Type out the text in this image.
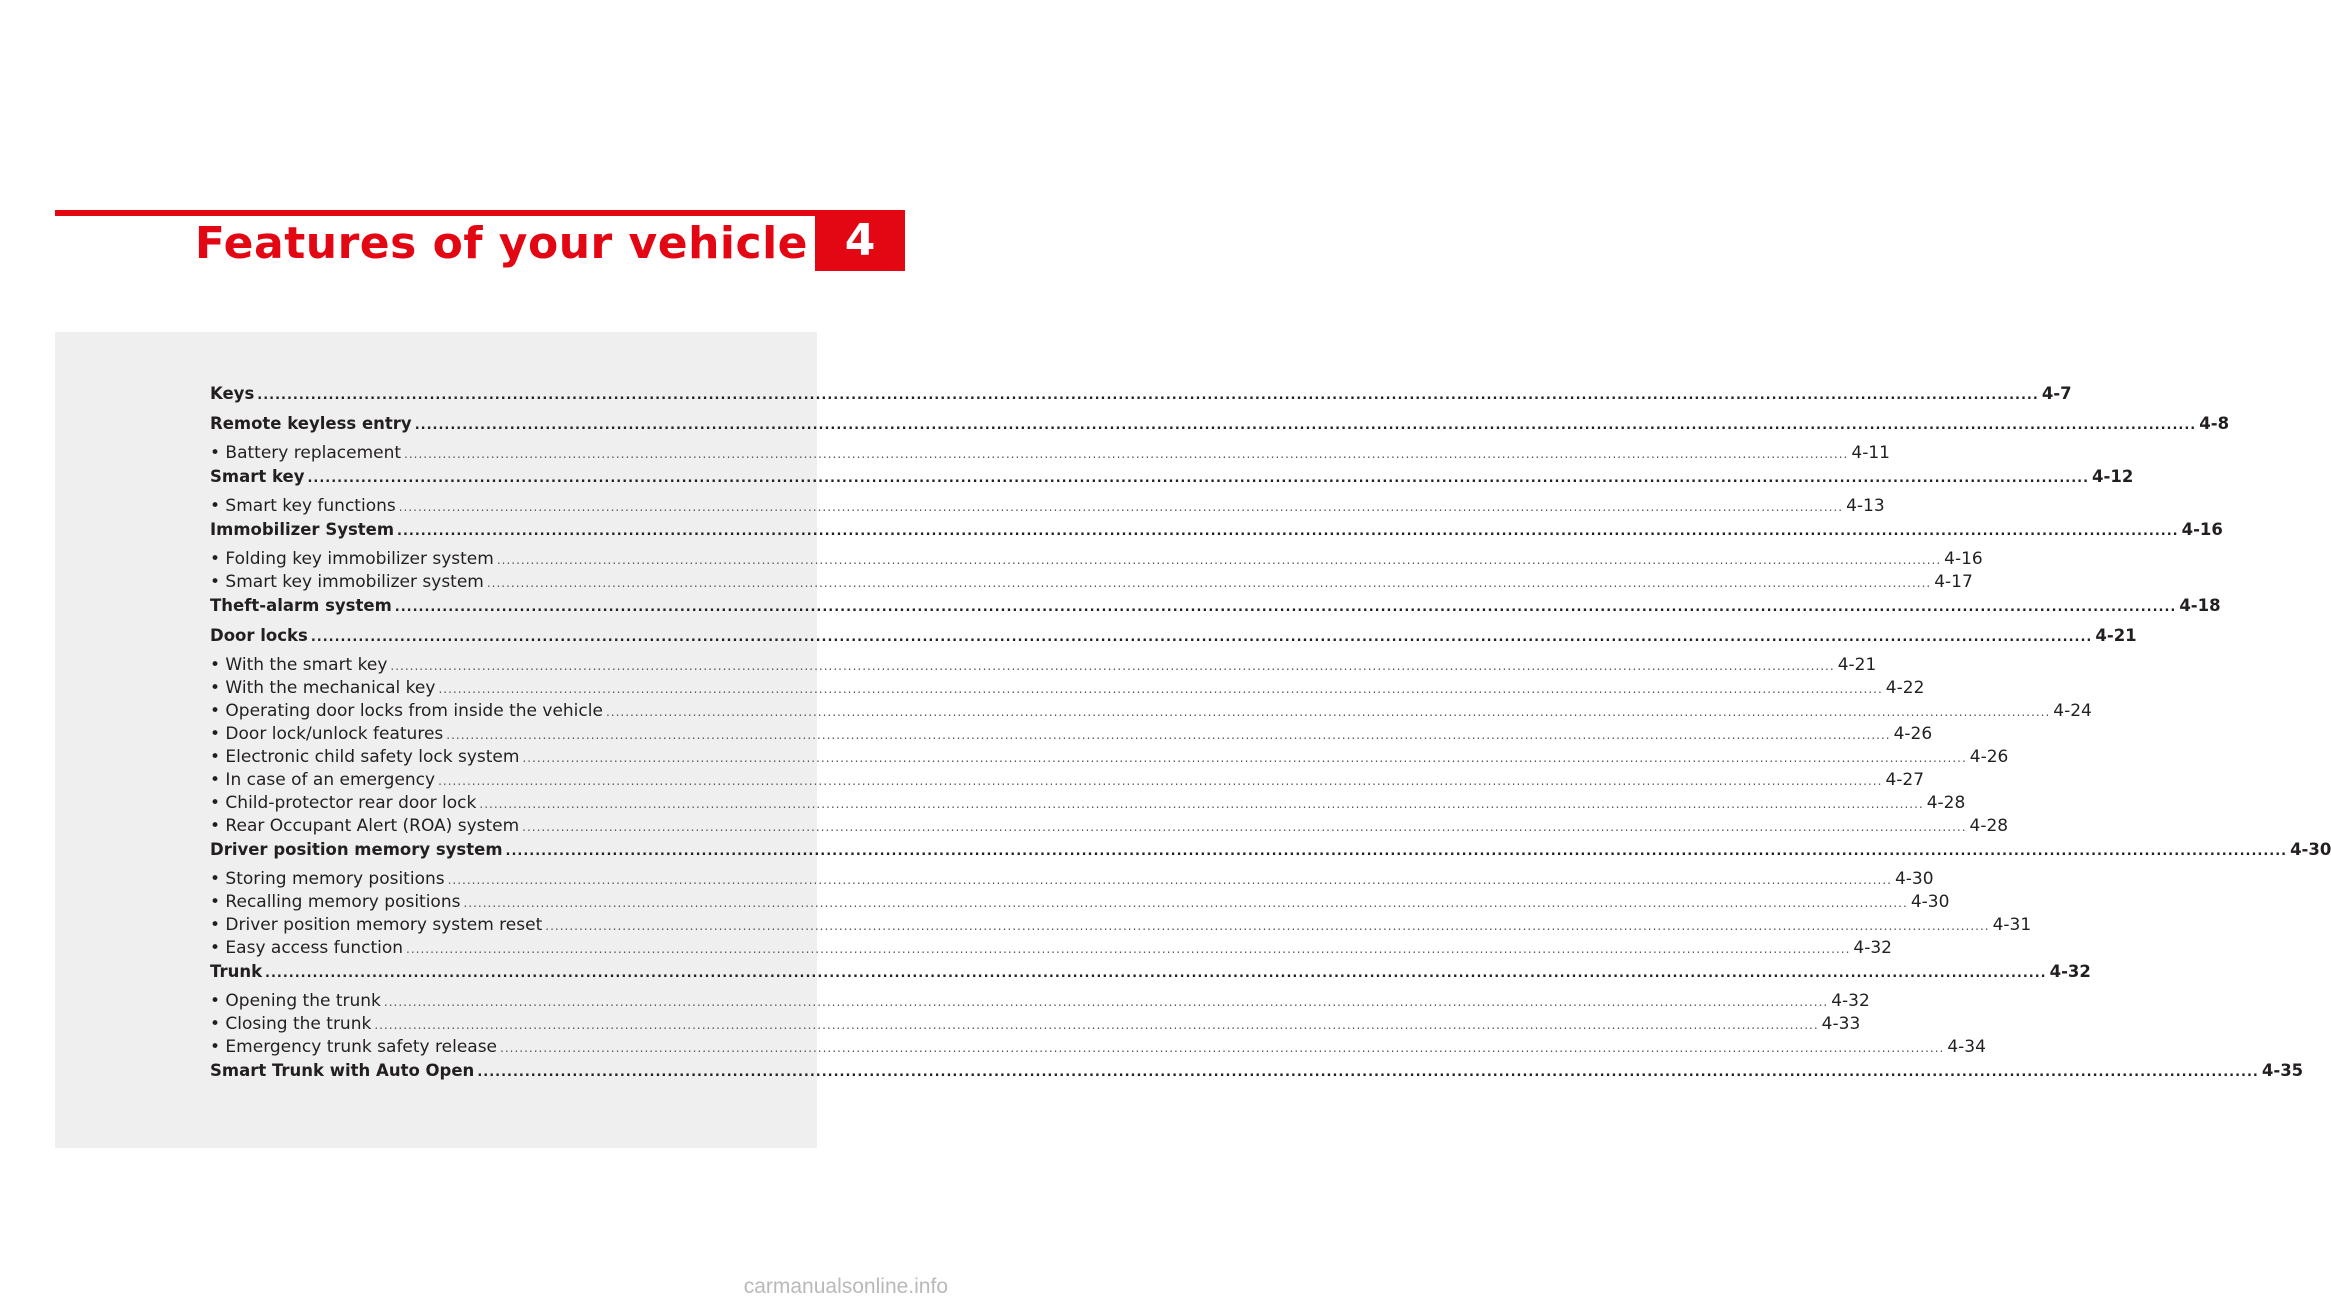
Features of your vehicle 4
Keys ............................................................................................................................................................................................................................................................................................................ 4-7
Remote keyless entry ............................................................................................................................................................................................................................................................................................................ 4-8
• Battery replacement ............................................................................................................................................................................................................................................................................................................ 4-11
Smart key ............................................................................................................................................................................................................................................................................................................ 4-12
• Smart key functions ............................................................................................................................................................................................................................................................................................................ 4-13
Immobilizer System ............................................................................................................................................................................................................................................................................................................ 4-16
• Folding key immobilizer system ............................................................................................................................................................................................................................................................................................................ 4-16
• Smart key immobilizer system ............................................................................................................................................................................................................................................................................................................ 4-17
Theft-alarm system ............................................................................................................................................................................................................................................................................................................ 4-18
Door locks ............................................................................................................................................................................................................................................................................................................ 4-21
• With the smart key ............................................................................................................................................................................................................................................................................................................ 4-21
• With the mechanical key ............................................................................................................................................................................................................................................................................................................ 4-22
• Operating door locks from inside the vehicle ............................................................................................................................................................................................................................................................................................................ 4-24
• Door lock/unlock features ............................................................................................................................................................................................................................................................................................................ 4-26
• Electronic child safety lock system ............................................................................................................................................................................................................................................................................................................ 4-26
• In case of an emergency ............................................................................................................................................................................................................................................................................................................ 4-27
• Child-protector rear door lock ............................................................................................................................................................................................................................................................................................................ 4-28
• Rear Occupant Alert (ROA) system ............................................................................................................................................................................................................................................................................................................ 4-28
Driver position memory system ............................................................................................................................................................................................................................................................................................................ 4-30
• Storing memory positions ............................................................................................................................................................................................................................................................................................................ 4-30
• Recalling memory positions ............................................................................................................................................................................................................................................................................................................ 4-30
• Driver position memory system reset ............................................................................................................................................................................................................................................................................................................ 4-31
• Easy access function ............................................................................................................................................................................................................................................................................................................ 4-32
Trunk ............................................................................................................................................................................................................................................................................................................ 4-32
• Opening the trunk ............................................................................................................................................................................................................................................................................................................ 4-32
• Closing the trunk ............................................................................................................................................................................................................................................................................................................ 4-33
• Emergency trunk safety release ............................................................................................................................................................................................................................................................................................................ 4-34
Smart Trunk with Auto Open ............................................................................................................................................................................................................................................................................................................ 4-35
carmanualsonline.info
